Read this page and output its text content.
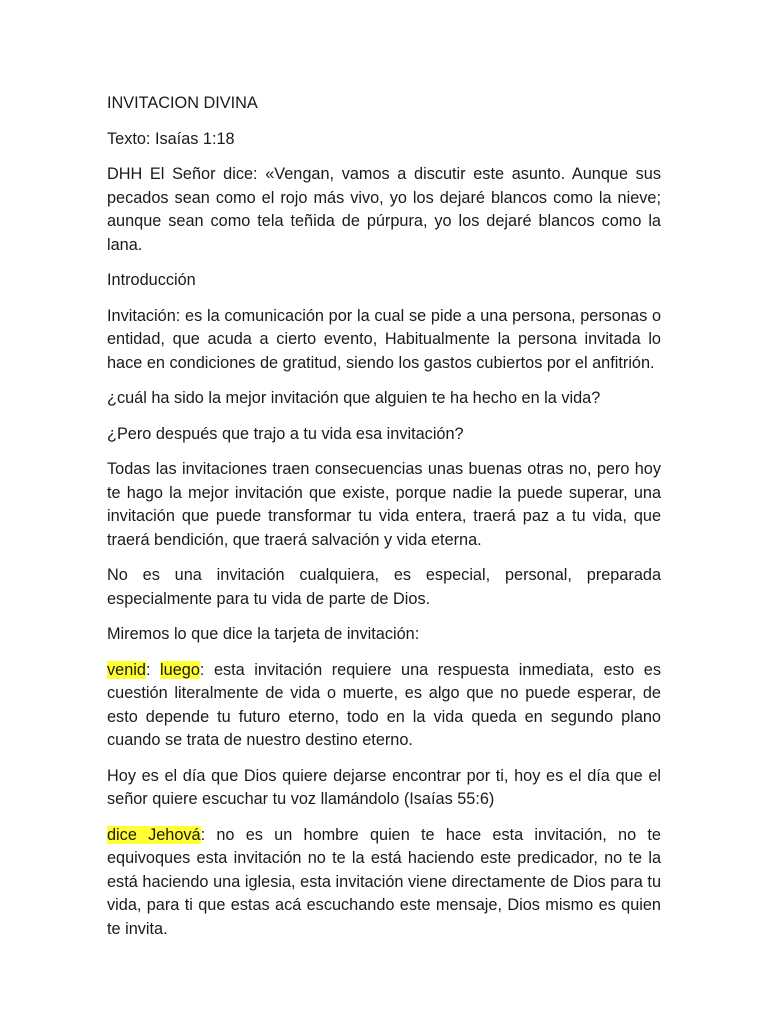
INVITACION DIVINA

Texto: Isaías 1:18

DHH El Señor dice: «Vengan, vamos a discutir este asunto. Aunque sus pecados sean como el rojo más vivo, yo los dejaré blancos como la nieve; aunque sean como tela teñida de púrpura, yo los dejaré blancos como la lana.

Introducción

Invitación: es la comunicación por la cual se pide a una persona, personas o entidad, que acuda a cierto evento, Habitualmente la persona invitada lo hace en condiciones de gratitud, siendo los gastos cubiertos por el anfitrión.

¿cuál ha sido la mejor invitación que alguien te ha hecho en la vida?

¿Pero después que trajo a tu vida esa invitación?

Todas las invitaciones traen consecuencias unas buenas otras no, pero hoy te hago la mejor invitación que existe, porque nadie la puede superar, una invitación que puede transformar tu vida entera, traerá paz a tu vida, que traerá bendición, que traerá salvación y vida eterna.

No es una invitación cualquiera, es especial, personal, preparada especialmente para tu vida de parte de Dios.

Miremos lo que dice la tarjeta de invitación:

venid: luego: esta invitación requiere una respuesta inmediata, esto es cuestión literalmente de vida o muerte, es algo que no puede esperar, de esto depende tu futuro eterno, todo en la vida queda en segundo plano cuando se trata de nuestro destino eterno.

Hoy es el día que Dios quiere dejarse encontrar por ti, hoy es el día que el señor quiere escuchar tu voz llamándolo (Isaías 55:6)

dice Jehová: no es un hombre quien te hace esta invitación, no te equivoques esta invitación no te la está haciendo este predicador, no te la está haciendo una iglesia, esta invitación viene directamente de Dios para tu vida, para ti que estas acá escuchando este mensaje, Dios mismo es quien te invita.
